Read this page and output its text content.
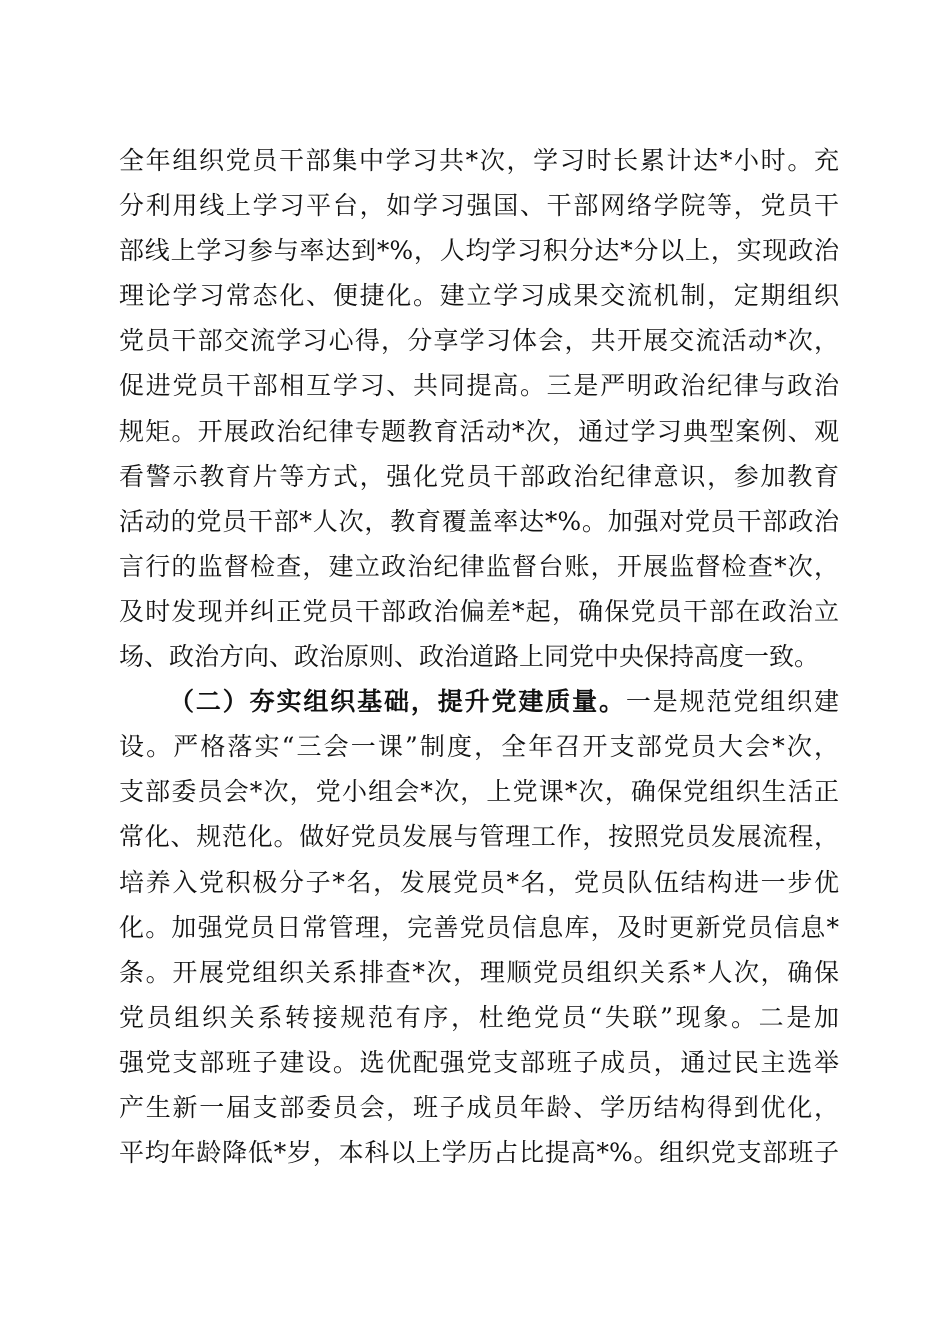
全年组织党员干部集中学习共*次，学习时长累计达*小时。充
分利用线上学习平台，如学习强国、干部网络学院等，党员干
部线上学习参与率达到*%，人均学习积分达*分以上，实现政治
理论学习常态化、便捷化。建立学习成果交流机制，定期组织
党员干部交流学习心得，分享学习体会，共开展交流活动*次，
促进党员干部相互学习、共同提高。三是严明政治纪律与政治
规矩。开展政治纪律专题教育活动*次，通过学习典型案例、观
看警示教育片等方式，强化党员干部政治纪律意识，参加教育
活动的党员干部*人次，教育覆盖率达*%。加强对党员干部政治
言行的监督检查，建立政治纪律监督台账，开展监督检查*次，
及时发现并纠正党员干部政治偏差*起，确保党员干部在政治立
场、政治方向、政治原则、政治道路上同党中央保持高度一致。
（二）夯实组织基础，提升党建质量。一是规范党组织建
设。严格落实“三会一课”制度，全年召开支部党员大会*次，
支部委员会*次，党小组会*次，上党课*次，确保党组织生活正
常化、规范化。做好党员发展与管理工作，按照党员发展流程，
培养入党积极分子*名，发展党员*名，党员队伍结构进一步优
化。加强党员日常管理，完善党员信息库，及时更新党员信息*
条。开展党组织关系排查*次，理顺党员组织关系*人次，确保
党员组织关系转接规范有序，杜绝党员“失联”现象。二是加
强党支部班子建设。选优配强党支部班子成员，通过民主选举
产生新一届支部委员会，班子成员年龄、学历结构得到优化，
平均年龄降低*岁，本科以上学历占比提高*%。组织党支部班子
